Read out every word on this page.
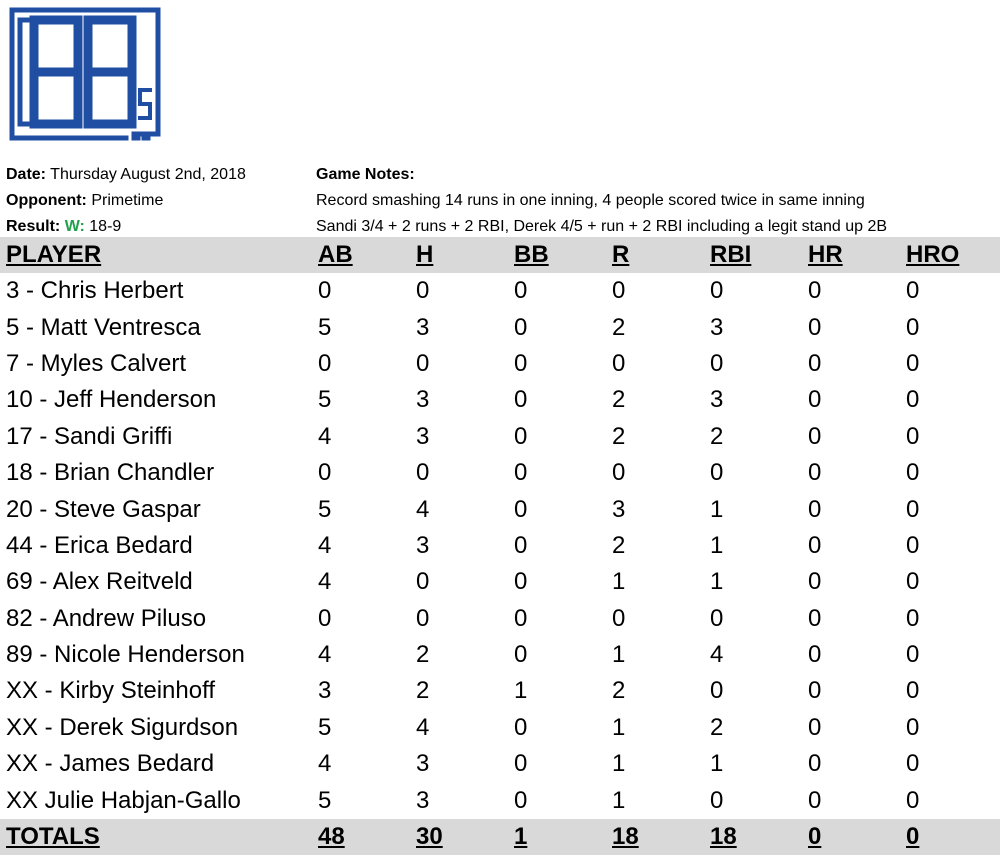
Date: Thursday August 2nd, 2018
Opponent: Primetime
Result: W: 18-9
Game Notes:
Record smashing 14 runs in one inning, 4 people scored twice in same inning
Sandi 3/4 + 2 runs + 2 RBI, Derek 4/5 + run + 2 RBI including a legit stand up 2B
PLAYER	AB	H	BB	R	RBI	HR	HRO
3 - Chris Herbert	0	0	0	0	0	0	0
5 - Matt Ventresca	5	3	0	2	3	0	0
7 - Myles Calvert	0	0	0	0	0	0	0
10 - Jeff Henderson	5	3	0	2	3	0	0
17 - Sandi Griffi	4	3	0	2	2	0	0
18 - Brian Chandler	0	0	0	0	0	0	0
20 - Steve Gaspar	5	4	0	3	1	0	0
44 - Erica Bedard	4	3	0	2	1	0	0
69 - Alex Reitveld	4	0	0	1	1	0	0
82 - Andrew Piluso	0	0	0	0	0	0	0
89 - Nicole Henderson	4	2	0	1	4	0	0
XX - Kirby Steinhoff	3	2	1	2	0	0	0
XX - Derek Sigurdson	5	4	0	1	2	0	0
XX - James Bedard	4	3	0	1	1	0	0
XX Julie Habjan-Gallo	5	3	0	1	0	0	0
TOTALS	48	30	1	18	18	0	0
